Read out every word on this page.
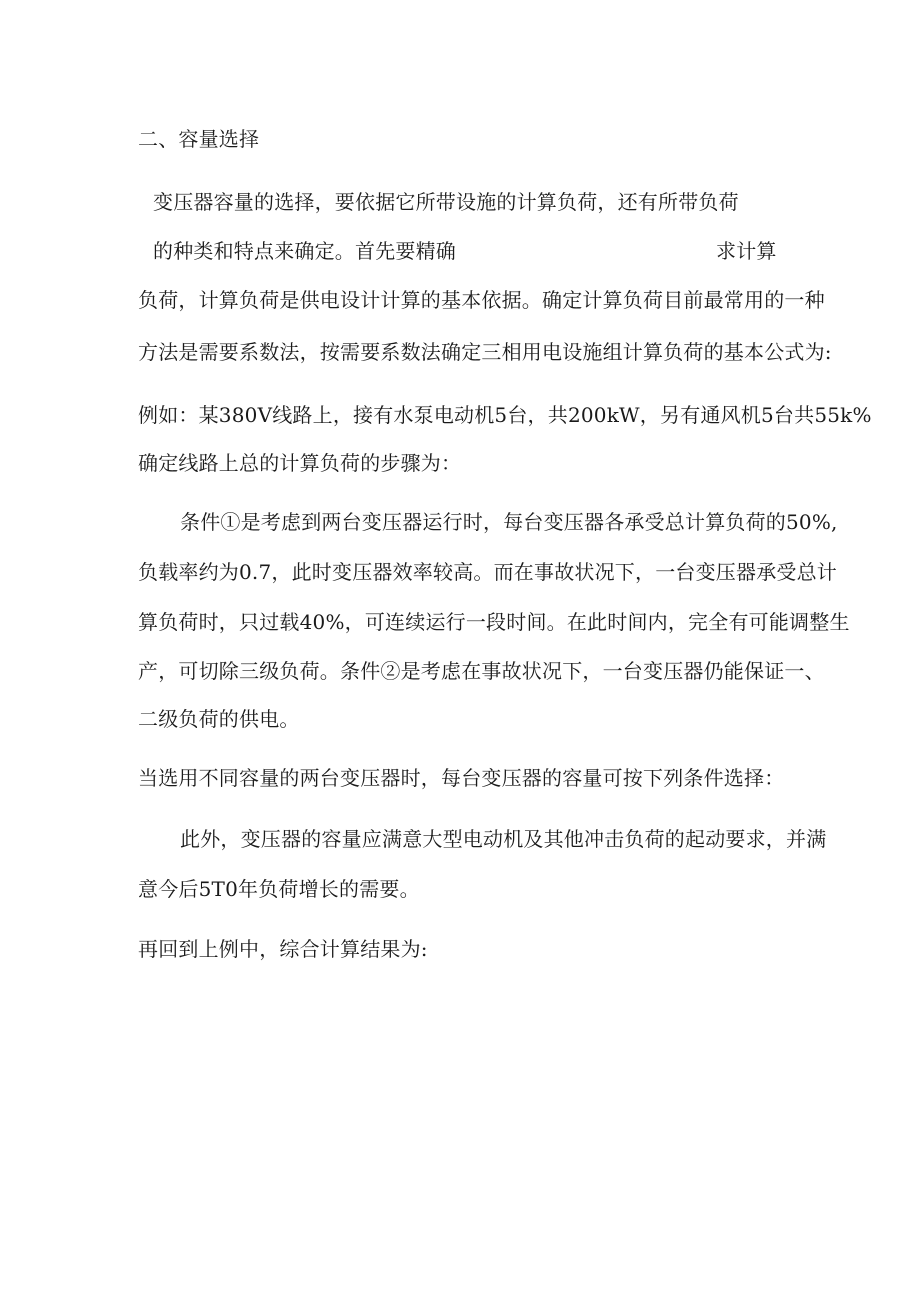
二、容量选择
变压器容量的选择，要依据它所带设施的计算负荷，还有所带负荷
的种类和特点来确定。首先要精确	求计算
负荷，计算负荷是供电设计计算的基本依据。确定计算负荷目前最常用的一种
方法是需要系数法，按需要系数法确定三相用电设施组计算负荷的基本公式为:
例如：某380V线路上，接有水泵电动机5台，共200kW，另有通风机5台共55k%
确定线路上总的计算负荷的步骤为：
条件①是考虑到两台变压器运行时，每台变压器各承受总计算负荷的50%,
负载率约为0.7，此时变压器效率较高。而在事故状况下，一台变压器承受总计
算负荷时，只过载40%，可连续运行一段时间。在此时间内，完全有可能调整生
产，可切除三级负荷。条件②是考虑在事故状况下，一台变压器仍能保证一、
二级负荷的供电。
当选用不同容量的两台变压器时，每台变压器的容量可按下列条件选择：
此外，变压器的容量应满意大型电动机及其他冲击负荷的起动要求，并满
意今后5T0年负荷增长的需要。
再回到上例中，综合计算结果为:
